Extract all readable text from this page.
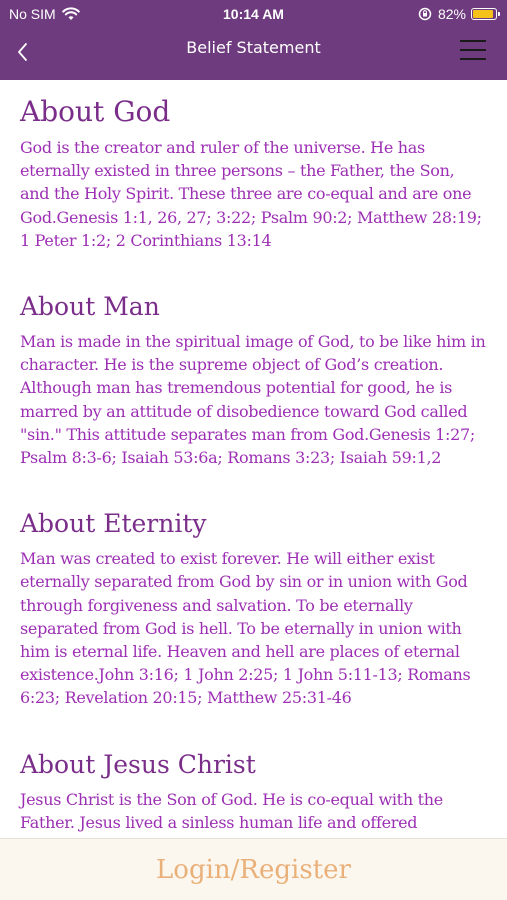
No SIM	10:14 AM	82%
Belief Statement
About God

God is the creator and ruler of the universe. He has eternally existed in three persons – the Father, the Son, and the Holy Spirit. These three are co-equal and are one God.Genesis 1:1, 26, 27; 3:22; Psalm 90:2; Matthew 28:19; 1 Peter 1:2; 2 Corinthians 13:14

About Man

Man is made in the spiritual image of God, to be like him in character. He is the supreme object of God’s creation. Although man has tremendous potential for good, he is marred by an attitude of disobedience toward God called "sin." This attitude separates man from God.Genesis 1:27; Psalm 8:3-6; Isaiah 53:6a; Romans 3:23; Isaiah 59:1,2

About Eternity

Man was created to exist forever. He will either exist eternally separated from God by sin or in union with God through forgiveness and salvation. To be eternally separated from God is hell. To be eternally in union with him is eternal life. Heaven and hell are places of eternal existence.John 3:16; 1 John 2:25; 1 John 5:11-13; Romans 6:23; Revelation 20:15; Matthew 25:31-46

About Jesus Christ

Jesus Christ is the Son of God. He is co-equal with the Father. Jesus lived a sinless human life and offered

Login/Register
